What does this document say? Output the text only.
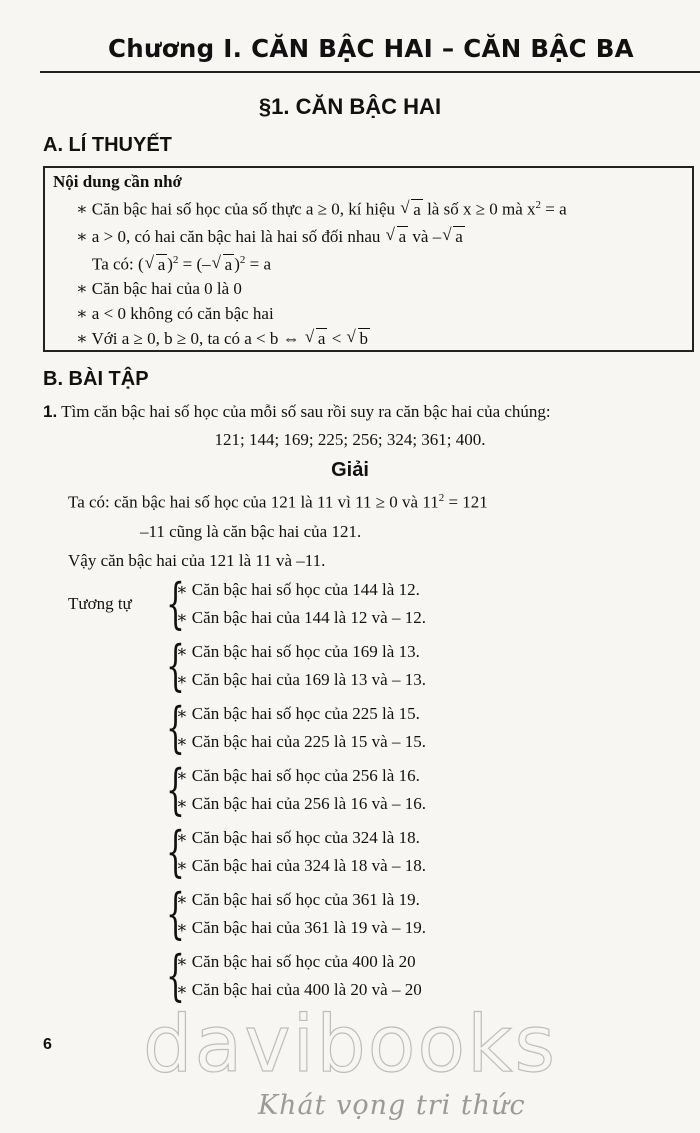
Chương I. CĂN BẬC HAI – CĂN BẬC BA
§1. CĂN BẬC HAI
A. LÍ THUYẾT
Nội dung cần nhớ
∗ Căn bậc hai số học của số thực a ≥ 0, kí hiệu √ a là số x ≥ 0 mà $x^2 = a$
∗ a > 0, có hai căn bậc hai là hai số đối nhau √ a và – √ a
Ta có: ( √ a )$^2$ = (– √ a )$^2$ = a
∗ Căn bậc hai của 0 là 0
∗ a < 0 không có căn bậc hai
∗ Với a ≥ 0, b ≥ 0, ta có a < b ⇔ √ a < √ b
B. BÀI TẬP
1. Tìm căn bậc hai số học của mỗi số sau rồi suy ra căn bậc hai của chúng:
121; 144; 169; 225; 256; 324; 361; 400.
Giải
Ta có: căn bậc hai số học của 121 là 11 vì 11 ≥ 0 và $11^2 = 121$
–11 cũng là căn bậc hai của 121.
Vậy căn bậc hai của 121 là 11 và –11.
Tương tự {
∗ Căn bậc hai số học của 144 là 12.
∗ Căn bậc hai của 144 là 12 và – 12.
{
∗ Căn bậc hai số học của 169 là 13.
∗ Căn bậc hai của 169 là 13 và – 13.
{
∗ Căn bậc hai số học của 225 là 15.
∗ Căn bậc hai của 225 là 15 và – 15.
{
∗ Căn bậc hai số học của 256 là 16.
∗ Căn bậc hai của 256 là 16 và – 16.
{
∗ Căn bậc hai số học của 324 là 18.
∗ Căn bậc hai của 324 là 18 và – 18.
{
∗ Căn bậc hai số học của 361 là 19.
∗ Căn bậc hai của 361 là 19 và – 19.
{
∗ Căn bậc hai số học của 400 là 20
∗ Căn bậc hai của 400 là 20 và – 20
6	davibooks
Khát vọng tri thức
